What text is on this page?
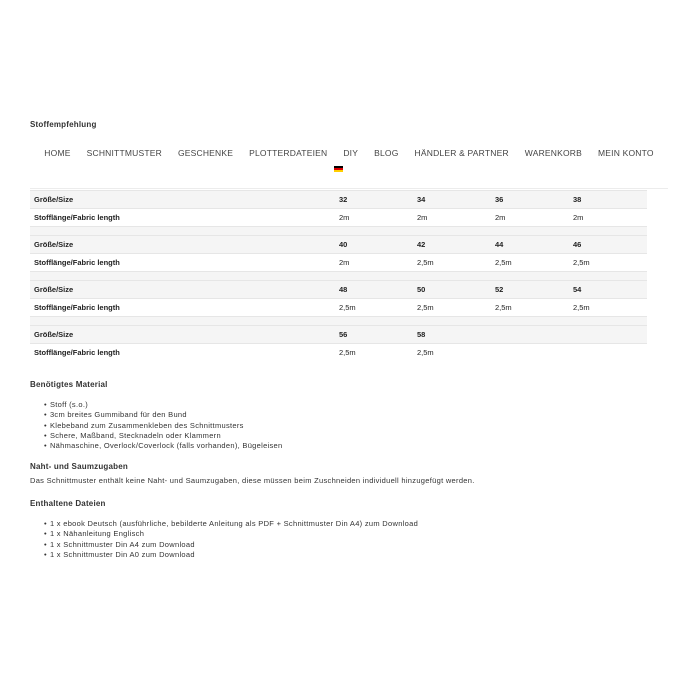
Stoffempfehlung
HOME	SCHNITTMUSTER	GESCHENKE	PLOTTERDATEIEN	DIY	BLOG	HÄNDLER & PARTNER	WARENKORB	MEIN KONTO
Größe/Size	32	34	36	38
Stofflänge/Fabric length	2m	2m	2m	2m

Größe/Size	40	42	44	46
Stofflänge/Fabric length	2m	2,5m	2,5m	2,5m

Größe/Size	48	50	52	54
Stofflänge/Fabric length	2,5m	2,5m	2,5m	2,5m

Größe/Size	56	58		
Stofflänge/Fabric length	2,5m	2,5m		
Benötigtes Material
• Stoff (s.o.)
• 3cm breites Gummiband für den Bund
• Klebeband zum Zusammenkleben des Schnittmusters
• Schere, Maßband, Stecknadeln oder Klammern
• Nähmaschine, Overlock/Coverlock (falls vorhanden), Bügeleisen
Naht- und Saumzugaben
Das Schnittmuster enthält keine Naht- und Saumzugaben, diese müssen beim Zuschneiden individuell hinzugefügt werden.
Enthaltene Dateien
• 1 x ebook Deutsch (ausführliche, bebilderte Anleitung als PDF + Schnittmuster Din A4) zum Download
• 1 x Nähanleitung Englisch
• 1 x Schnittmuster Din A4 zum Download
• 1 x Schnittmuster Din A0 zum Download
